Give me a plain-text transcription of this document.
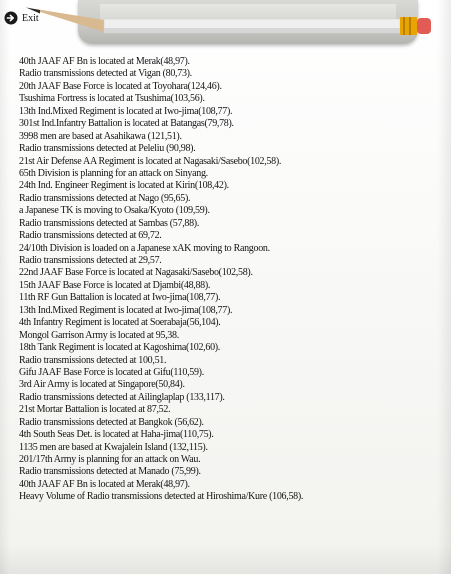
Exit
40th JAAF AF Bn is located at Merak(48,97).
Radio transmissions detected at Vigan (80,73).
20th JAAF Base Force is located at Toyohara(124,46).
Tsushima Fortress is located at Tsushima(103,56).
13th Ind.Mixed Regiment is located at Iwo-jima(108,77).
301st Ind.Infantry Battalion is located at Batangas(79,78).
3998 men are based at Asahikawa (121,51).
Radio transmissions detected at Peleliu (90,98).
21st Air Defense AA Regiment is located at Nagasaki/Sasebo(102,58).
65th Division is planning for an attack on Sinyang.
24th Ind. Engineer Regiment is located at Kirin(108,42).
Radio transmissions detected at Nago (95,65).
a Japanese TK is moving to Osaka/Kyoto (109,59).
Radio transmissions detected at Sambas (57,88).
Radio transmissions detected at 69,72.
24/10th Division is loaded on a Japanese xAK moving to Rangoon.
Radio transmissions detected at 29,57.
22nd JAAF Base Force is located at Nagasaki/Sasebo(102,58).
15th JAAF Base Force is located at Djambi(48,88).
11th RF Gun Battalion is located at Iwo-jima(108,77).
13th Ind.Mixed Regiment is located at Iwo-jima(108,77).
4th Infantry Regiment is located at Soerabaja(56,104).
Mongol Garrison Army is located at 95,38.
18th Tank Regiment is located at Kagoshima(102,60).
Radio transmissions detected at 100,51.
Gifu JAAF Base Force is located at Gifu(110,59).
3rd Air Army is located at Singapore(50,84).
Radio transmissions detected at Ailinglaplap (133,117).
21st Mortar Battalion is located at 87,52.
Radio transmissions detected at Bangkok (56,62).
4th South Seas Det. is located at Haha-jima(110,75).
1135 men are based at Kwajalein Island (132,115).
201/17th Army is planning for an attack on Wau.
Radio transmissions detected at Manado (75,99).
40th JAAF AF Bn is located at Merak(48,97).
Heavy Volume of Radio transmissions detected at Hiroshima/Kure (106,58).
